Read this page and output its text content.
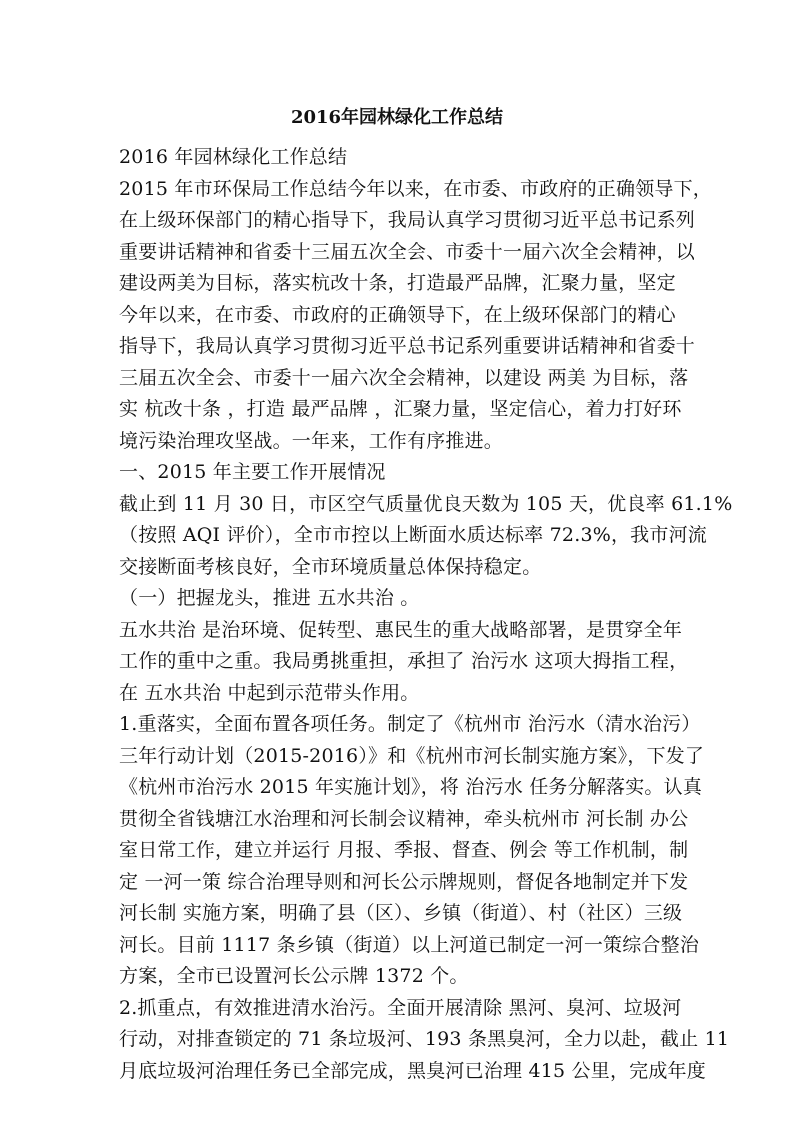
2016年园林绿化工作总结
2016 年园林绿化工作总结
2015 年市环保局工作总结今年以来，在市委、市政府的正确领导下，
在上级环保部门的精心指导下，我局认真学习贯彻习近平总书记系列
重要讲话精神和省委十三届五次全会、市委十一届六次全会精神，以
建设两美为目标，落实杭改十条，打造最严品牌，汇聚力量，坚定
今年以来，在市委、市政府的正确领导下，在上级环保部门的精心
指导下，我局认真学习贯彻习近平总书记系列重要讲话精神和省委十
三届五次全会、市委十一届六次全会精神，以建设 两美 为目标，落
实 杭改十条 ，打造 最严品牌 ，汇聚力量，坚定信心，着力打好环
境污染治理攻坚战。一年来，工作有序推进。
一、2015 年主要工作开展情况
截止到 11 月 30 日，市区空气质量优良天数为 105 天，优良率 61.1%
（按照 AQI 评价），全市市控以上断面水质达标率 72.3%，我市河流
交接断面考核良好，全市环境质量总体保持稳定。
（一）把握龙头，推进 五水共治 。
五水共治 是治环境、促转型、惠民生的重大战略部署，是贯穿全年
工作的重中之重。我局勇挑重担，承担了 治污水 这项大拇指工程，
在 五水共治 中起到示范带头作用。
1.重落实，全面布置各项任务。制定了《杭州市 治污水（清水治污）
三年行动计划（2015-2016）》和《杭州市河长制实施方案》，下发了
《杭州市治污水 2015 年实施计划》，将 治污水 任务分解落实。认真
贯彻全省钱塘江水治理和河长制会议精神，牵头杭州市 河长制 办公
室日常工作，建立并运行 月报、季报、督查、例会 等工作机制，制
定 一河一策 综合治理导则和河长公示牌规则，督促各地制定并下发
河长制 实施方案，明确了县（区）、乡镇（街道）、村（社区）三级
河长。目前 1117 条乡镇（街道）以上河道已制定一河一策综合整治
方案，全市已设置河长公示牌 1372 个。
2.抓重点，有效推进清水治污。全面开展清除 黑河、臭河、垃圾河
行动，对排查锁定的 71 条垃圾河、193 条黑臭河，全力以赴，截止 11
月底垃圾河治理任务已全部完成，黑臭河已治理 415 公里，完成年度
